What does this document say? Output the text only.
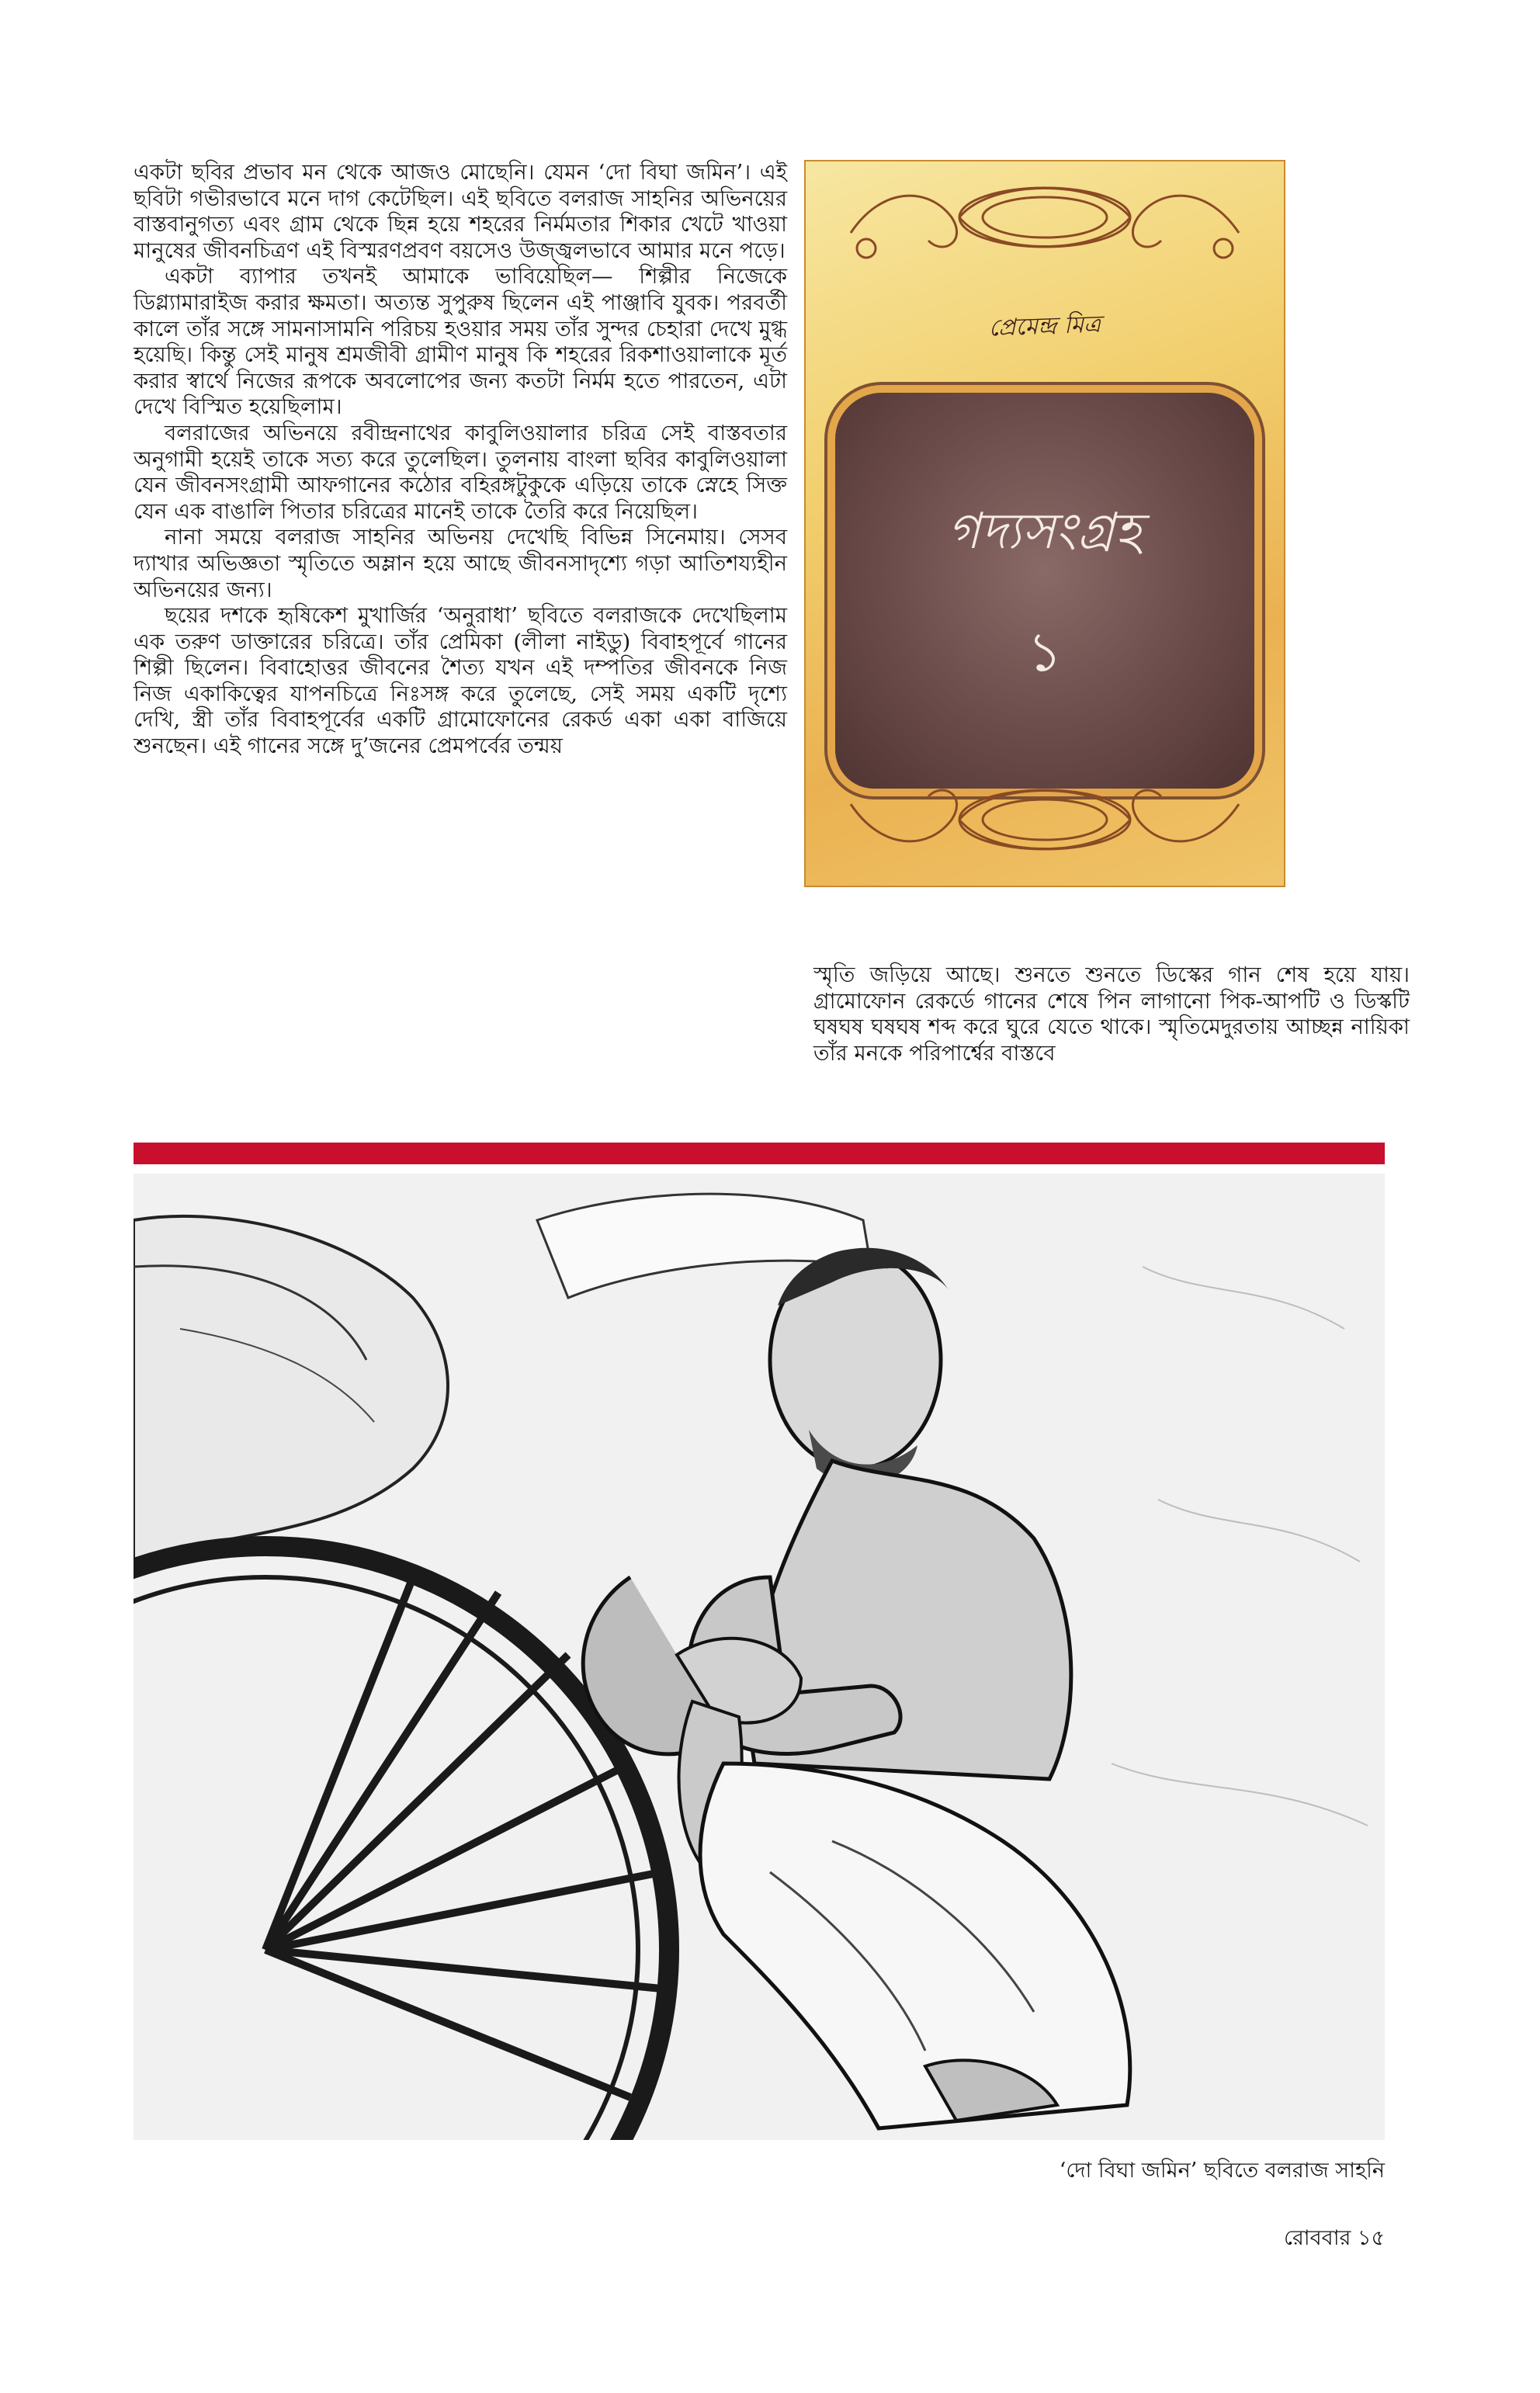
একটা ছবির প্রভাব মন থেকে আজও মোছেনি। যেমন ‘দো বিঘা জমিন’। এই ছবিটা গভীরভাবে মনে দাগ কেটেছিল। এই ছবিতে বলরাজ সাহনির অভিনয়ের বাস্তবানুগত্য এবং গ্রাম থেকে ছিন্ন হয়ে শহরের নির্মমতার শিকার খেটে খাওয়া মানুষের জীবনচিত্রণ এই বিস্মরণপ্রবণ বয়সেও উজ্জ্বলভাবে আমার মনে পড়ে।

একটা ব্যাপার তখনই আমাকে ভাবিয়েছিল— শিল্পীর নিজেকে ডিগ্ল্যামারাইজ করার ক্ষমতা। অত্যন্ত সুপুরুষ ছিলেন এই পাঞ্জাবি যুবক। পরবর্তী কালে তাঁর সঙ্গে সামনাসামনি পরিচয় হওয়ার সময় তাঁর সুন্দর চেহারা দেখে মুগ্ধ হয়েছি। কিন্তু সেই মানুষ শ্রমজীবী গ্রামীণ মানুষ কি শহরের রিকশাওয়ালাকে মূর্ত করার স্বার্থে নিজের রূপকে অবলোপের জন্য কতটা নির্মম হতে পারতেন, এটা দেখে বিস্মিত হয়েছিলাম।

বলরাজের অভিনয়ে রবীন্দ্রনাথের কাবুলিওয়ালার চরিত্র সেই বাস্তবতার অনুগামী হয়েই তাকে সত্য করে তুলেছিল। তুলনায় বাংলা ছবির কাবুলিওয়ালা যেন জীবনসংগ্রামী আফগানের কঠোর বহিরঙ্গটুকুকে এড়িয়ে তাকে স্নেহে সিক্ত যেন এক বাঙালি পিতার চরিত্রের মানেই তাকে তৈরি করে নিয়েছিল।

নানা সময়ে বলরাজ সাহনির অভিনয় দেখেছি বিভিন্ন সিনেমায়। সেসব দ্যাখার অভিজ্ঞতা স্মৃতিতে অম্লান হয়ে আছে জীবনসাদৃশ্যে গড়া আতিশয্যহীন অভিনয়ের জন্য।

ছয়ের দশকে হৃষিকেশ মুখার্জির ‘অনুরাধা’ ছবিতে বলরাজকে দেখেছিলাম এক তরুণ ডাক্তারের চরিত্রে। তাঁর প্রেমিকা (লীলা নাইডু) বিবাহপূর্বে গানের শিল্পী ছিলেন। বিবাহোত্তর জীবনের শৈত্য যখন এই দম্পতির জীবনকে নিজ নিজ একাকিত্বের যাপনচিত্রে নিঃসঙ্গ করে তুলেছে, সেই সময় একটি দৃশ্যে দেখি, স্ত্রী তাঁর বিবাহপূর্বের একটি গ্রামোফোনের রেকর্ড একা একা বাজিয়ে শুনছেন। এই গানের সঙ্গে দু’জনের প্রেমপর্বের তন্ময়

প্রেমেন্দ্র মিত্র
গদ্যসংগ্রহ
১

স্মৃতি জড়িয়ে আছে। শুনতে শুনতে ডিস্কের গান শেষ হয়ে যায়। গ্রামোফোন রেকর্ডে গানের শেষে পিন লাগানো পিক-আপটি ও ডিস্কটি ঘষঘষ ঘষঘষ শব্দ করে ঘুরে যেতে থাকে। স্মৃতিমেদুরতায় আচ্ছন্ন নায়িকা তাঁর মনকে পরিপার্শ্বের বাস্তবে

‘দো বিঘা জমিন’ ছবিতে বলরাজ সাহনি
রোববার ১৫
